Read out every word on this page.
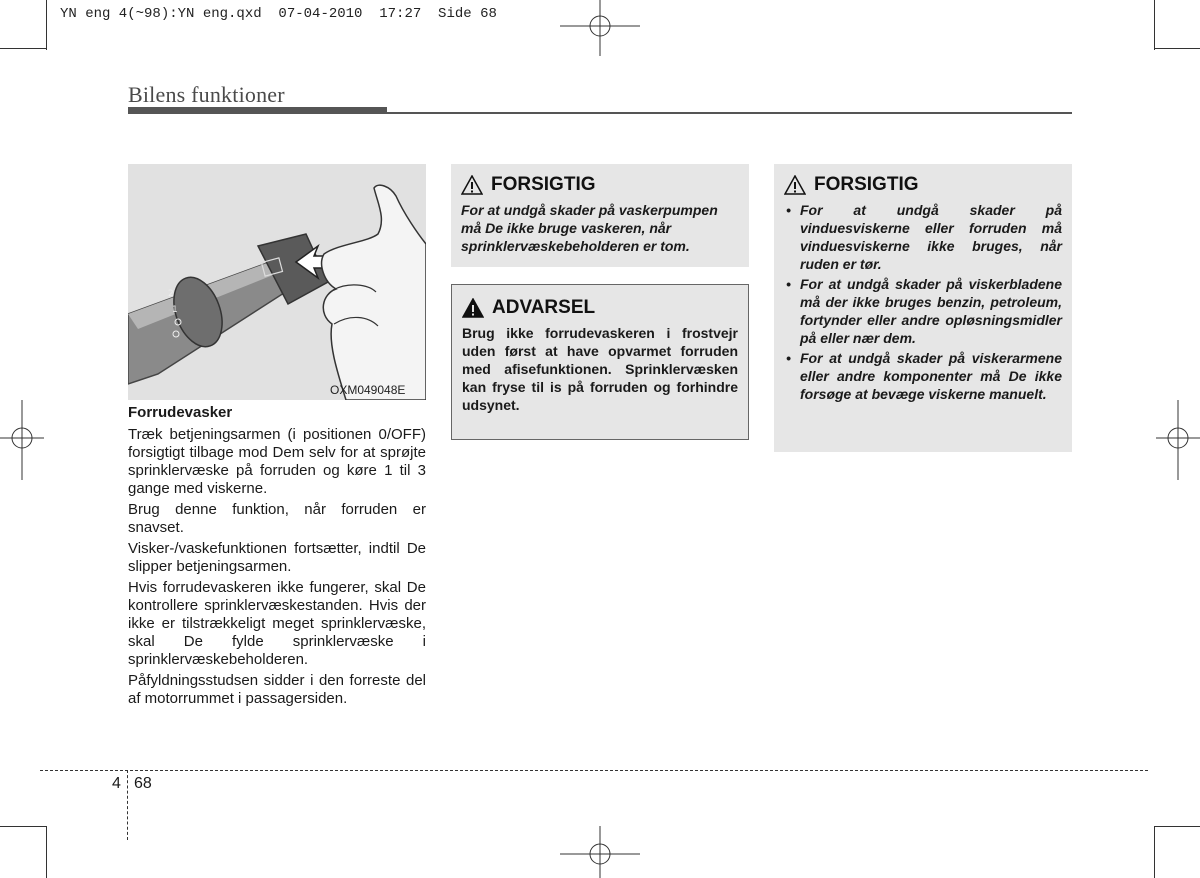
YN eng 4(~98):YN eng.qxd  07-04-2010  17:27  Side 68
Bilens funktioner
2
1
OXM049048E
Forrudevasker

Træk betjeningsarmen (i positionen 0/OFF) forsigtigt tilbage mod Dem selv for at sprøjte sprinklervæske på forruden og køre 1 til 3 gange med viskerne.

Brug denne funktion, når forruden er snavset.

Visker-/vaskefunktionen fortsætter, indtil De slipper betjeningsarmen.

Hvis forrudevaskeren ikke fungerer, skal De kontrollere sprinklervæskestanden. Hvis der ikke er tilstrækkeligt meget sprinklervæske, skal De fylde sprinklervæske i sprinklervæskebeholderen.

Påfyldningsstudsen sidder i den forreste del af motorrummet i passagersiden.

FORSIGTIG
For at undgå skader på vaskerpumpen må De ikke bruge vaskeren, når sprinklervæskebeholderen er tom.
ADVARSEL
Brug ikke forrudevaskeren i frostvejr uden først at have opvarmet forruden med afisefunktionen. Sprinklervæsken kan fryse til is på forruden og forhindre udsynet.
FORSIGTIG
• For at undgå skader på vinduesviskerne eller forruden må vinduesviskerne ikke bruges, når ruden er tør.
• For at undgå skader på viskerbladene må der ikke bruges benzin, petroleum, fortynder eller andre opløsningsmidler på eller nær dem.
• For at undgå skader på viskerarmene eller andre komponenter må De ikke forsøge at bevæge viskerne manuelt.
4 68
